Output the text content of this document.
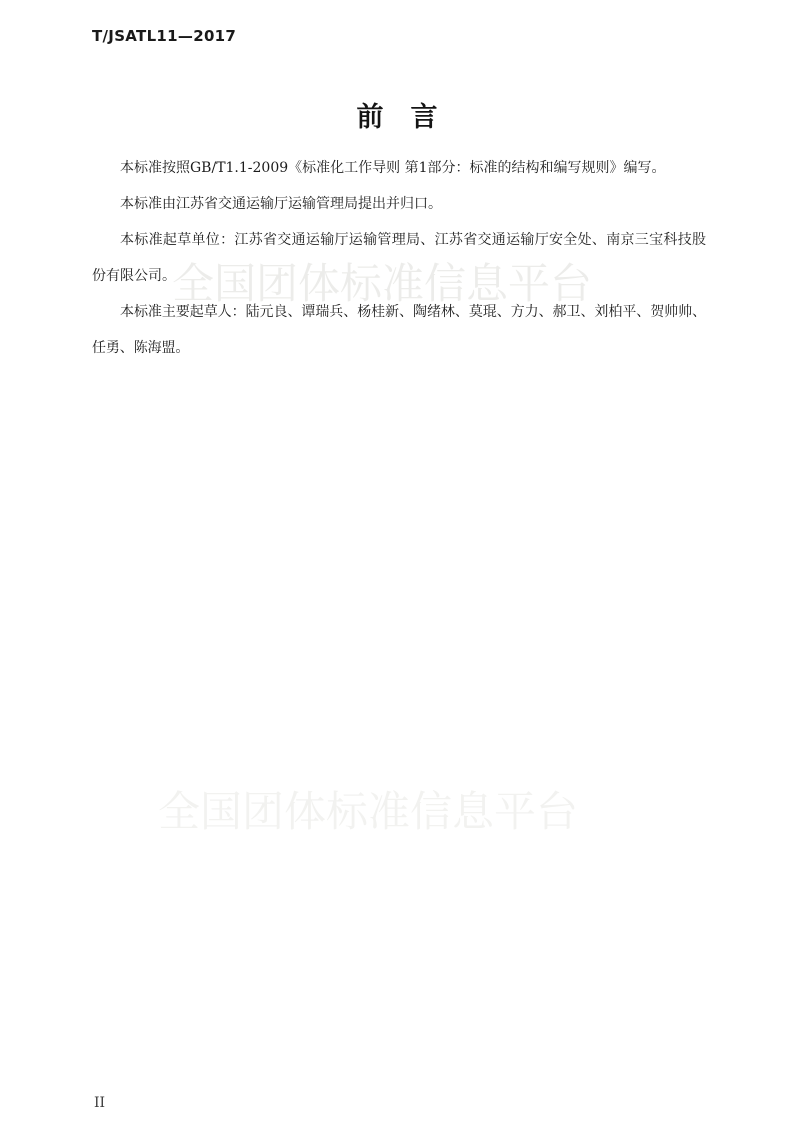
T/JSATL11—2017
全国团体标准信息平台
全国团体标准信息平台
前　言

本标准按照GB/T1.1-2009《标准化工作导则 第1部分：标准的结构和编写规则》编写。

本标准由江苏省交通运输厅运输管理局提出并归口。

本标准起草单位：江苏省交通运输厅运输管理局、江苏省交通运输厅安全处、南京三宝科技股份有限公司。

本标准主要起草人：陆元良、谭瑞兵、杨桂新、陶绪林、莫琨、方力、郝卫、刘柏平、贺帅帅、任勇、陈海盟。

II
